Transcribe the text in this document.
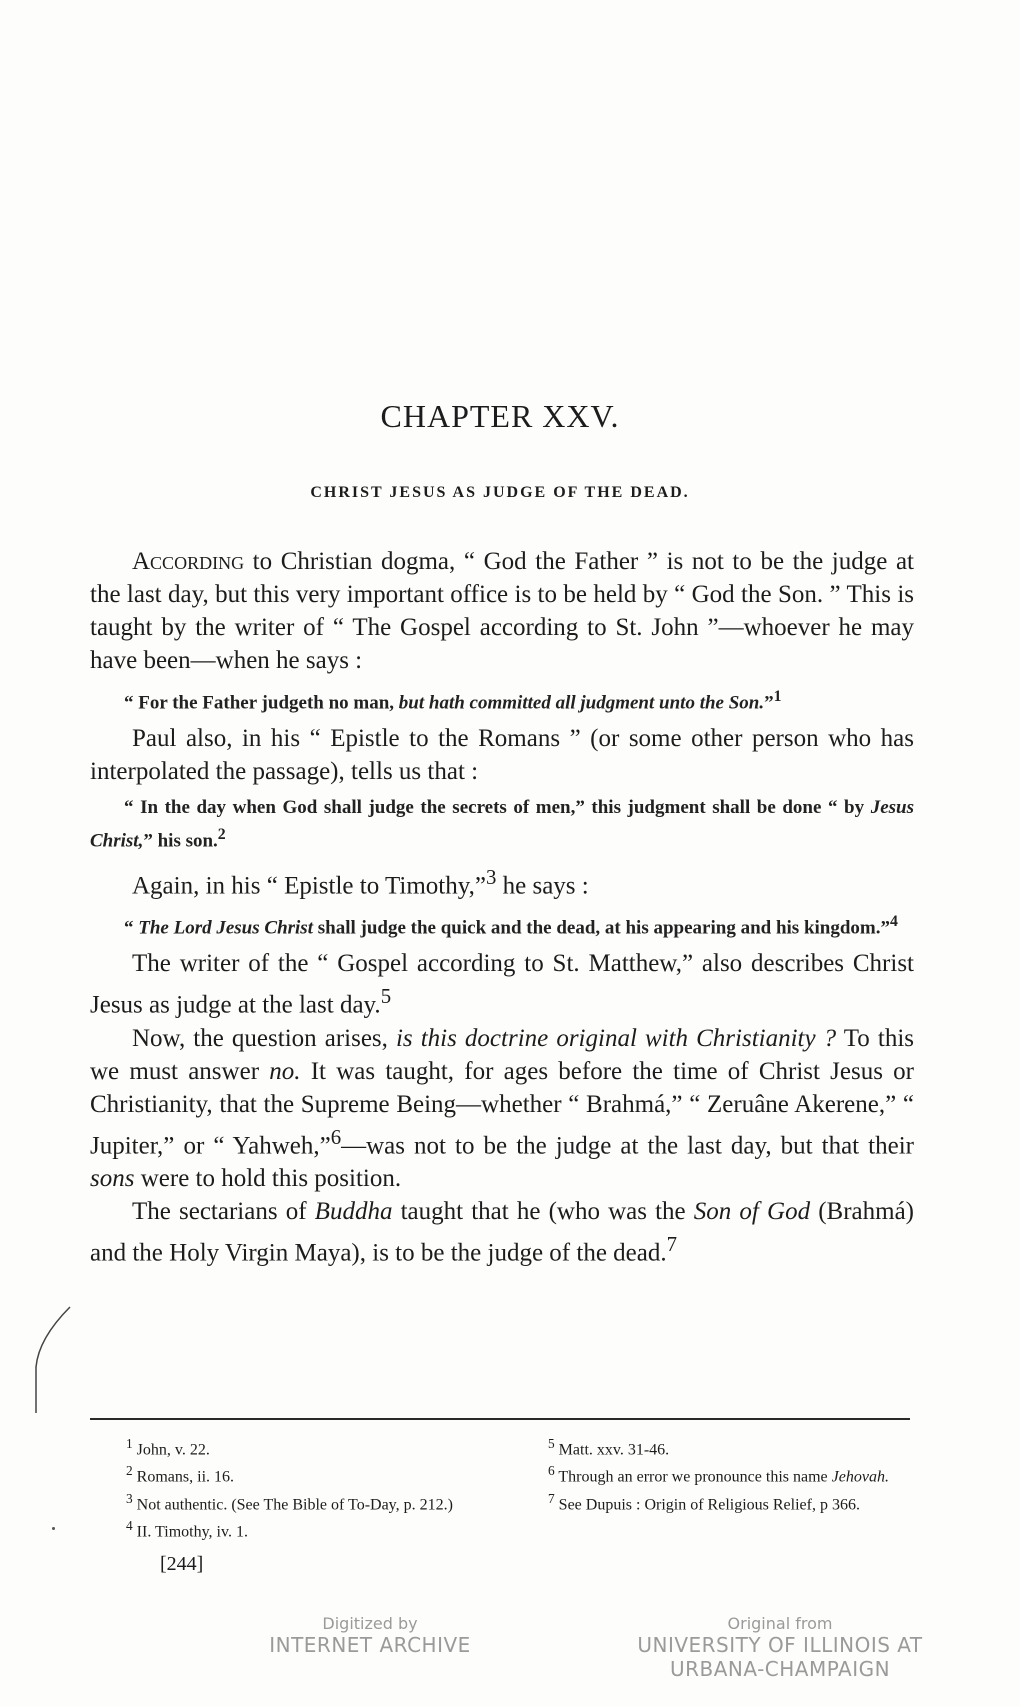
CHAPTER XXV.
CHRIST JESUS AS JUDGE OF THE DEAD.

According to Christian dogma, “ God the Father ” is not to be the judge at the last day, but this very important office is to be held by “ God the Son. ” This is taught by the writer of “ The Gospel according to St. John ”—whoever he may have been—when he says :

“ For the Father judgeth no man, but hath committed all judgment unto the Son.”$^1$

Paul also, in his “ Epistle to the Romans ” (or some other person who has interpolated the passage), tells us that :

“ In the day when God shall judge the secrets of men,” this judgment shall be done “ by Jesus Christ,” his son.$^2$

Again, in his “ Epistle to Timothy,”$^3$ he says :

“ The Lord Jesus Christ shall judge the quick and the dead, at his appearing and his kingdom.”$^4$

The writer of the “ Gospel according to St. Matthew,” also describes Christ Jesus as judge at the last day.$^5$

Now, the question arises, is this doctrine original with Christianity ? To this we must answer no. It was taught, for ages before the time of Christ Jesus or Christianity, that the Supreme Being—whether “ Brahmá,” “ Zeruâne Akerene,” “ Jupiter,” or “ Yahweh,”$^6$—was not to be the judge at the last day, but that their sons were to hold this position.

The sectarians of Buddha taught that he (who was the Son of God (Brahmá) and the Holy Virgin Maya), is to be the judge of the dead.$^7$

$^1$ John, v. 22.
$^2$ Romans, ii. 16.
$^3$ Not authentic. (See The Bible of To-Day, p. 212.)
$^4$ II. Timothy, iv. 1.
$^5$ Matt. xxv. 31-46.
$^6$ Through an error we pronounce this name Jehovah.
$^7$ See Dupuis : Origin of Religious Relief, p 366.
[244]
Digitized by
INTERNET ARCHIVE
Original from
UNIVERSITY OF ILLINOIS AT
URBANA-CHAMPAIGN
